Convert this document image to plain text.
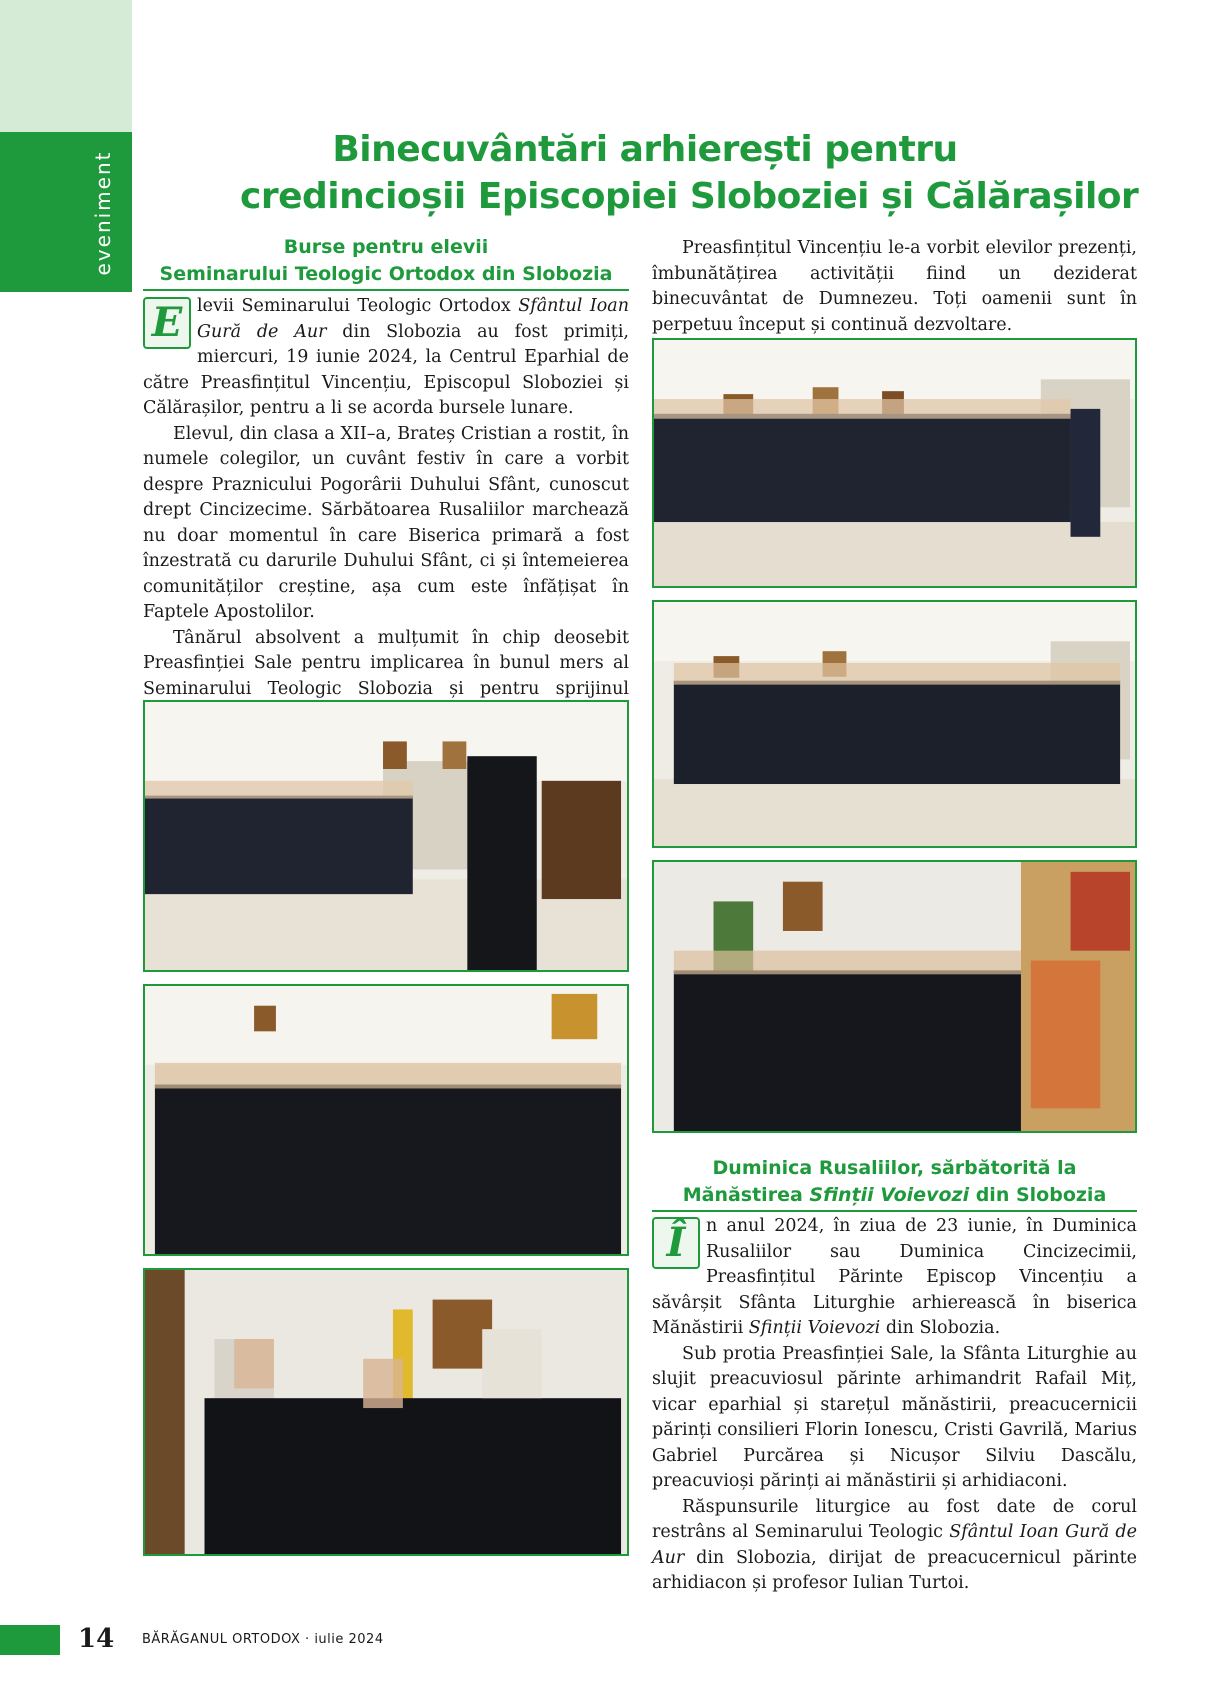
eveniment
Binecuvântări arhierești pentru
credincioșii Episcopiei Sloboziei și Călărașilor
Burse pentru elevii
Seminarului Teologic Ortodox din Slobozia

E levii Seminarului Teologic Ortodox Sfântul Ioan Gură de Aur din Slobozia au fost primiți, miercuri, 19 iunie 2024, la Centrul Eparhial de către Preasfințitul Vincențiu, Episcopul Sloboziei și Călărașilor, pentru a li se acorda bursele lunare.

Elevul, din clasa a XII–a, Brateș Cristian a rostit, în numele colegilor, un cuvânt festiv în care a vorbit despre Praznicului Pogorârii Duhului Sfânt, cunoscut drept Cincizecime. Sărbătoarea Rusaliilor marchează nu doar momentul în care Biserica primară a fost înzestrată cu darurile Duhului Sfânt, ci și întemeierea comunităților creștine, așa cum este înfățișat în Faptele Apostolilor.

Tânărul absolvent a mulțumit în chip deosebit Preasfinției Sale pentru implicarea în bunul mers al Seminarului Teologic Slobozia și pentru sprijinul

Preasfințitul Vincențiu le-a vorbit elevilor prezenți, îmbunătățirea activității fiind un deziderat binecuvântat de Dumnezeu. Toți oamenii sunt în perpetuu început și continuă dezvoltare.

Duminica Rusaliilor, sărbătorită la
Mănăstirea Sfinții Voievozi din Slobozia

Î	n anul 2024, în ziua de 23 iunie, în Duminica Rusaliilor sau Duminica Cincizecimii, Preasfințitul Părinte Episcop Vincențiu a săvârșit Sfânta Liturghie arhierească în biserica Mănăstirii Sfinții Voievozi din Slobozia.

Sub protia Preasfinției Sale, la Sfânta Liturghie au slujit preacuviosul părinte arhimandrit Rafail Miț, vicar eparhial și starețul mănăstirii, preacucernicii părinți consilieri Florin Ionescu, Cristi Gavrilă, Marius Gabriel Purcărea și Nicușor Silviu Dascălu, preacuvioși părinți ai mănăstirii și arhidiaconi.

Răspunsurile liturgice au fost date de corul restrâns al Seminarului Teologic Sfântul Ioan Gură de Aur din Slobozia, dirijat de preacucernicul părinte arhidiacon și profesor Iulian Turtoi.

14 BĂRĂGANUL ORTODOX · iulie 2024
